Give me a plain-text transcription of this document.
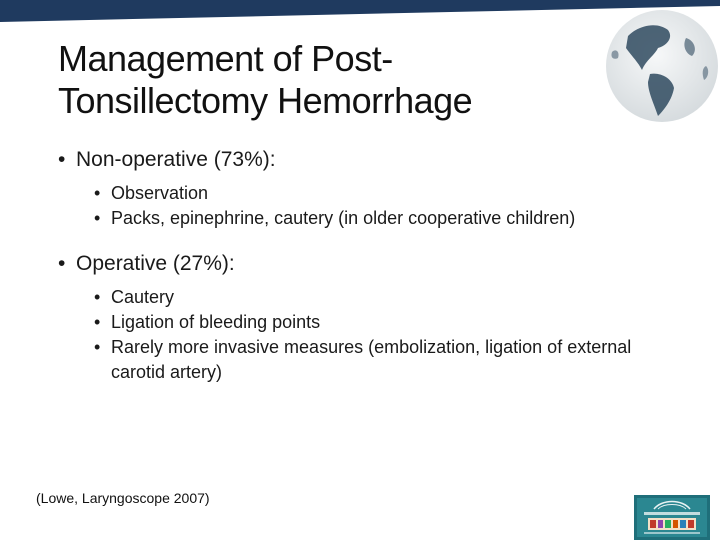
Management of Post-
Tonsillectomy Hemorrhage
• Non-operative (73%):
• Observation
• Packs, epinephrine, cautery (in older cooperative children)
• Operative (27%):
• Cautery
• Ligation of bleeding points
• Rarely more invasive measures (embolization, ligation of external carotid artery)
(Lowe, Laryngoscope 2007)
